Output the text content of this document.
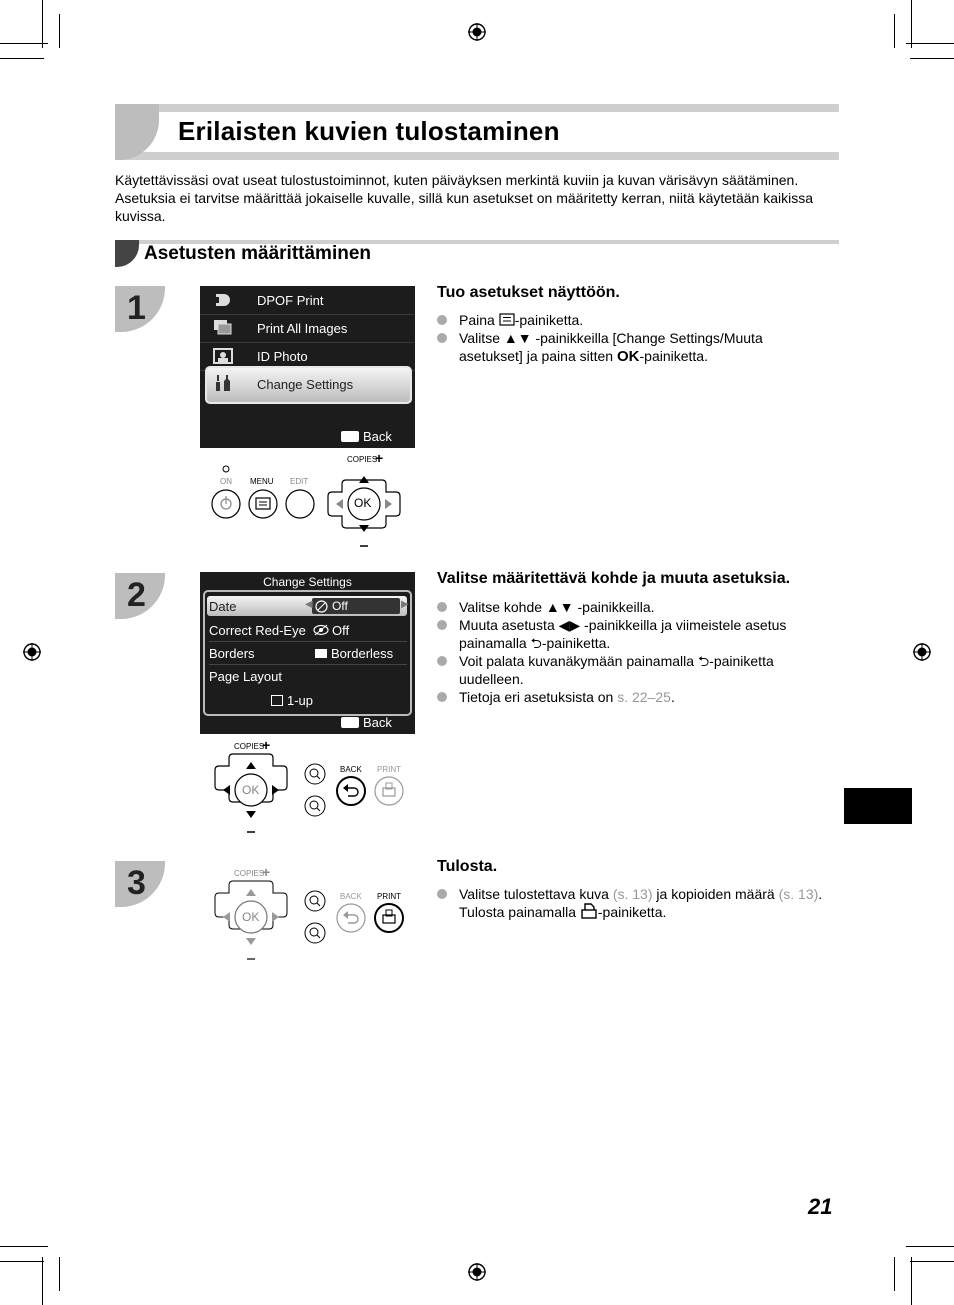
Erilaisten kuvien tulostaminen
Käytettävissäsi ovat useat tulostustoiminnot, kuten päiväyksen merkintä kuviin ja kuvan värisävyn säätäminen. Asetuksia ei tarvitse määrittää jokaiselle kuvalle, sillä kun asetukset on määritetty kerran, niitä käytetään kaikissa kuvissa.
Asetusten määrittäminen
1	DPOF Print
Print All Images
ID Photo
Change Settings
Back
ON MENU EDIT
COPIES
+
OK
Tuo asetukset näyttöön.
Paina -painiketta.
Valitse ▲▼ -painikkeilla [Change Settings/Muuta asetukset] ja paina sitten OK-painiketta.
2	Change Settings
Date	Off
◀	▶
Correct Red-Eye Off
Borders	Borderless
Page Layout
1-up
Back
COPIES
+
OK
BACK PRINT
Valitse määritettävä kohde ja muuta asetuksia.
Valitse kohde ▲▼ -painikkeilla.
Muuta asetusta ◀▶ -painikkeilla ja viimeistele asetus painamalla ⮌-painiketta.
Voit palata kuvanäkymään painamalla ⮌-painiketta uudelleen.
Tietoja eri asetuksista on s. 22–25.
3	COPIES
+
OK
BACK PRINT
Tulosta.
Valitse tulostettava kuva (s. 13) ja kopioiden määrä (s. 13).
Tulosta painamalla -painiketta.
21
